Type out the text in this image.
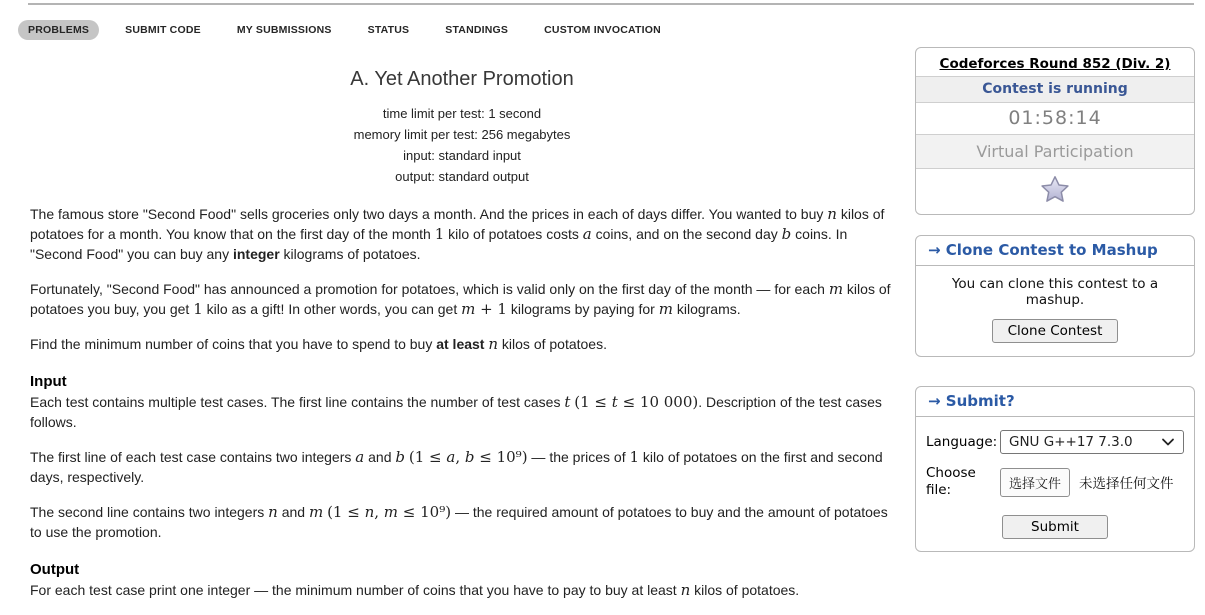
PROBLEMS	SUBMIT CODE	MY SUBMISSIONS	STATUS	STANDINGS	CUSTOM INVOCATION
A. Yet Another Promotion
time limit per test: 1 second
memory limit per test: 256 megabytes
input: standard input
output: standard output

The famous store "Second Food" sells groceries only two days a month. And the prices in each of days differ. You wanted to buy n kilos of potatoes for a month. You know that on the first day of the month 1 kilo of potatoes costs a coins, and on the second day b coins. In "Second Food" you can buy any integer kilograms of potatoes.

Fortunately, "Second Food" has announced a promotion for potatoes, which is valid only on the first day of the month — for each m kilos of potatoes you buy, you get 1 kilo as a gift! In other words, you can get m + 1 kilograms by paying for m kilograms.

Find the minimum number of coins that you have to spend to buy at least n kilos of potatoes.

Input

Each test contains multiple test cases. The first line contains the number of test cases t (1 ≤ t ≤ 10 000). Description of the test cases follows.

The first line of each test case contains two integers a and b (1 ≤ a, b ≤ 10⁹) — the prices of 1 kilo of potatoes on the first and second days, respectively.

The second line contains two integers n and m (1 ≤ n, m ≤ 10⁹) — the required amount of potatoes to buy and the amount of potatoes to use the promotion.

Output

For each test case print one integer — the minimum number of coins that you have to pay to buy at least n kilos of potatoes.

Codeforces Round 852 (Div. 2)
Contest is running
01:58:14
Virtual Participation
→ Clone Contest to Mashup
You can clone this contest to a mashup.
Clone Contest
→ Submit?
Language: GNU G++17 7.3.0
Choose file:	选择文件	未选择任何文件
Submit
